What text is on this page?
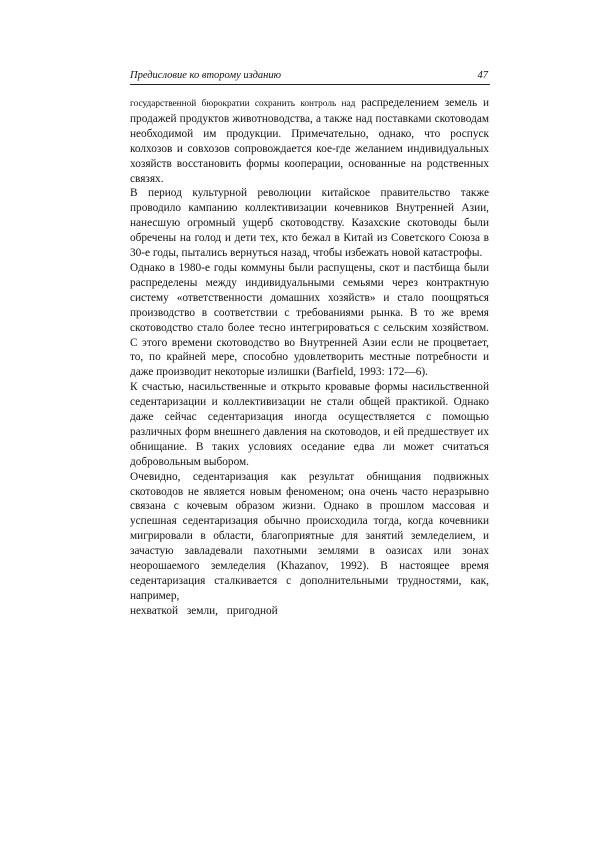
Предисловие ко второму изданию	47

государственной бюрократии сохранить контроль над распределением земель и продажей продуктов животноводства, а также над поставками скотоводам необходимой им продукции. Примечательно, однако, что роспуск колхозов и совхозов сопровождается кое-где желанием индивидуальных хозяйств восстановить формы кооперации, основанные на родственных связях.

В период культурной революции китайское правительство также проводило кампанию коллективизации кочевников Внутренней Азии, нанесшую огромный ущерб скотоводству. Казахские скотоводы были обречены на голод и дети тех, кто бежал в Китай из Советского Союза в 30-е годы, пытались вернуться назад, чтобы избежать новой катастрофы.

Однако в 1980-е годы коммуны были распущены, скот и пастбища были распределены между индивидуальными семьями через контрактную систему «ответственности домашних хозяйств» и стало поощряться производство в соответствии с требованиями рынка. В то же время скотоводство стало более тесно интегрироваться с сельским хозяйством. С этого времени скотоводство во Внутренней Азии если не процветает, то, по крайней мере, способно удовлетворить местные потребности и даже производит некоторые излишки (Barfield, 1993: 172—6).

К счастью, насильственные и открыто кровавые формы насильственной седентаризации и коллективизации не стали общей практикой. Однако даже сейчас седентаризация иногда осуществляется с помощью различных форм внешнего давления на скотоводов, и ей предшествует их обнищание. В таких условиях оседание едва ли может считаться добровольным выбором.

Очевидно, седентаризация как результат обнищания подвижных скотоводов не является новым феноменом; она очень часто неразрывно связана с кочевым образом жизни. Однако в прошлом массовая и успешная седентаризация обычно происходила тогда, когда кочевники мигрировали в области, благоприятные для занятий земледелием, и зачастую завладевали пахотными землями в оазисах или зонах неорошаемого земледелия (Khazanov, 1992). В настоящее время седентаризация сталкивается с дополнительными трудностями, как, например,

нехваткой земли, пригодной
